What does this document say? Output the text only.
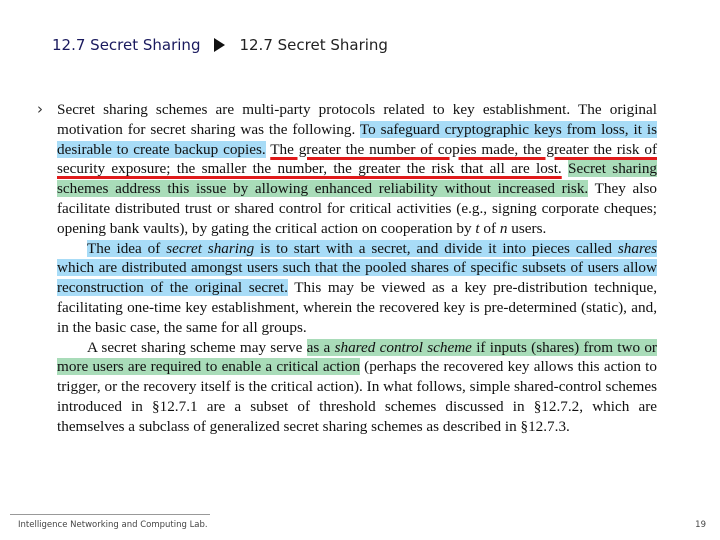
12.7 Secret Sharing	12.7 Secret Sharing
› Secret sharing schemes are multi-party protocols related to key establishment. The original motivation for secret sharing was the following. To safeguard cryptographic keys from loss, it is desirable to create backup copies. The greater the number of copies made, the greater the risk of security exposure; the smaller the number, the greater the risk that all are lost. Secret sharing schemes address this issue by allowing enhanced reliability without increased risk. They also facilitate distributed trust or shared control for critical activities (e.g., signing corporate cheques; opening bank vaults), by gating the critical action on cooperation by t of n users.

The idea of secret sharing is to start with a secret, and divide it into pieces called shares which are distributed amongst users such that the pooled shares of specific subsets of users allow reconstruction of the original secret. This may be viewed as a key pre-distribution technique, facilitating one-time key establishment, wherein the recovered key is pre-determined (static), and, in the basic case, the same for all groups.

A secret sharing scheme may serve as a shared control scheme if inputs (shares) from two or more users are required to enable a critical action (perhaps the recovered key allows this action to trigger, or the recovery itself is the critical action). In what follows, simple shared-control schemes introduced in §12.7.1 are a subset of threshold schemes discussed in §12.7.2, which are themselves a subclass of generalized secret sharing schemes as described in §12.7.3.

Intelligence Networking and Computing Lab.	19
